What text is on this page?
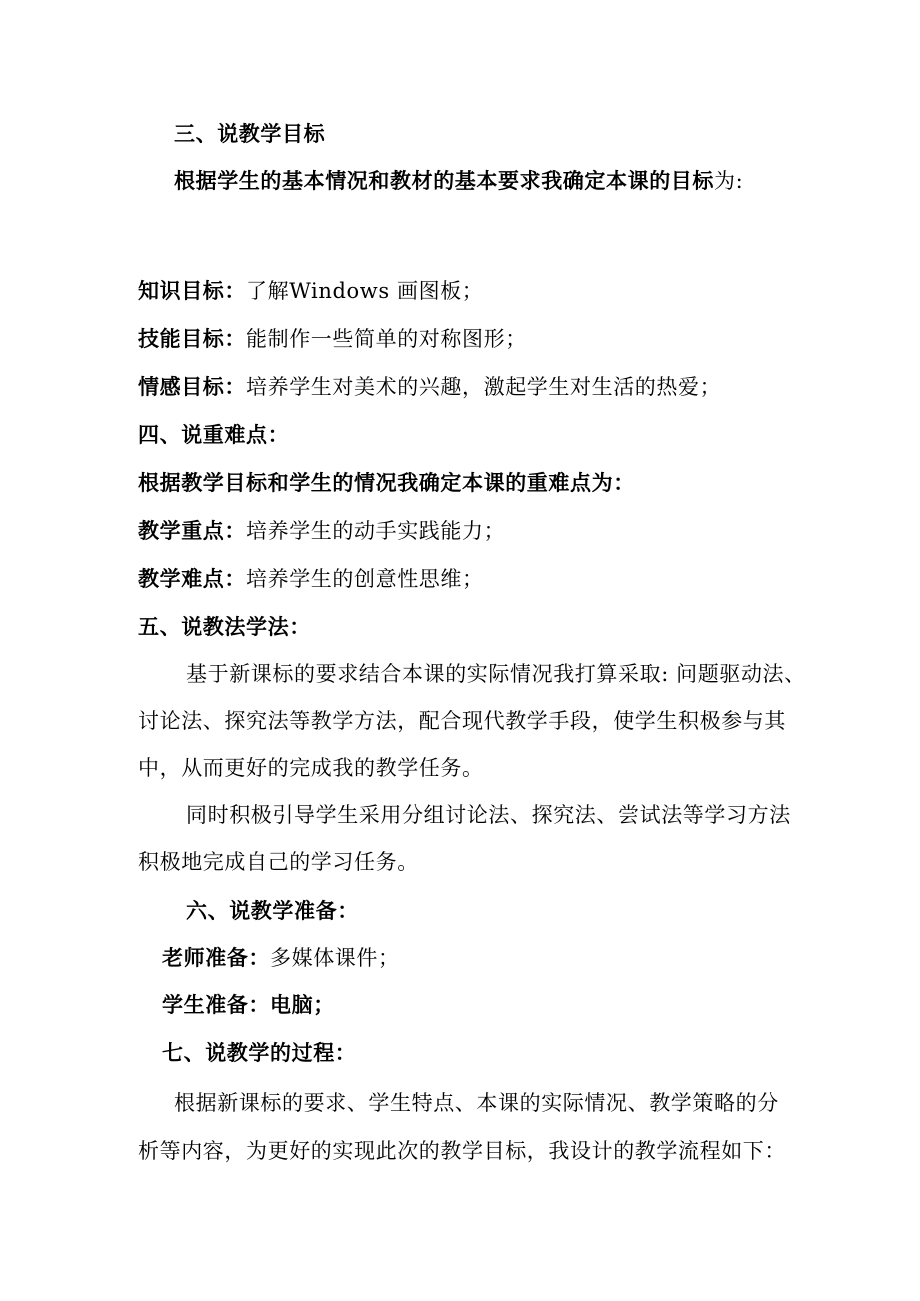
三、说教学目标
根据学生的基本情况和教材的基本要求我确定本课的目标为:
知识目标：了解Windows 画图板；
技能目标：能制作一些简单的对称图形；
情感目标：培养学生对美术的兴趣，激起学生对生活的热爱；
四、说重难点：
根据教学目标和学生的情况我确定本课的重难点为：
教学重点：培养学生的动手实践能力；
教学难点：培养学生的创意性思维；
五、说教法学法：
基于新课标的要求结合本课的实际情况我打算采取: 问题驱动法、
讨论法、探究法等教学方法，配合现代教学手段，使学生积极参与其
中，从而更好的完成我的教学任务。
同时积极引导学生采用分组讨论法、探究法、尝试法等学习方法
积极地完成自己的学习任务。
六、说教学准备：
老师准备：多媒体课件；
学生准备：电脑；
七、说教学的过程：
根据新课标的要求、学生特点、本课的实际情况、教学策略的分
析等内容，为更好的实现此次的教学目标，我设计的教学流程如下：
